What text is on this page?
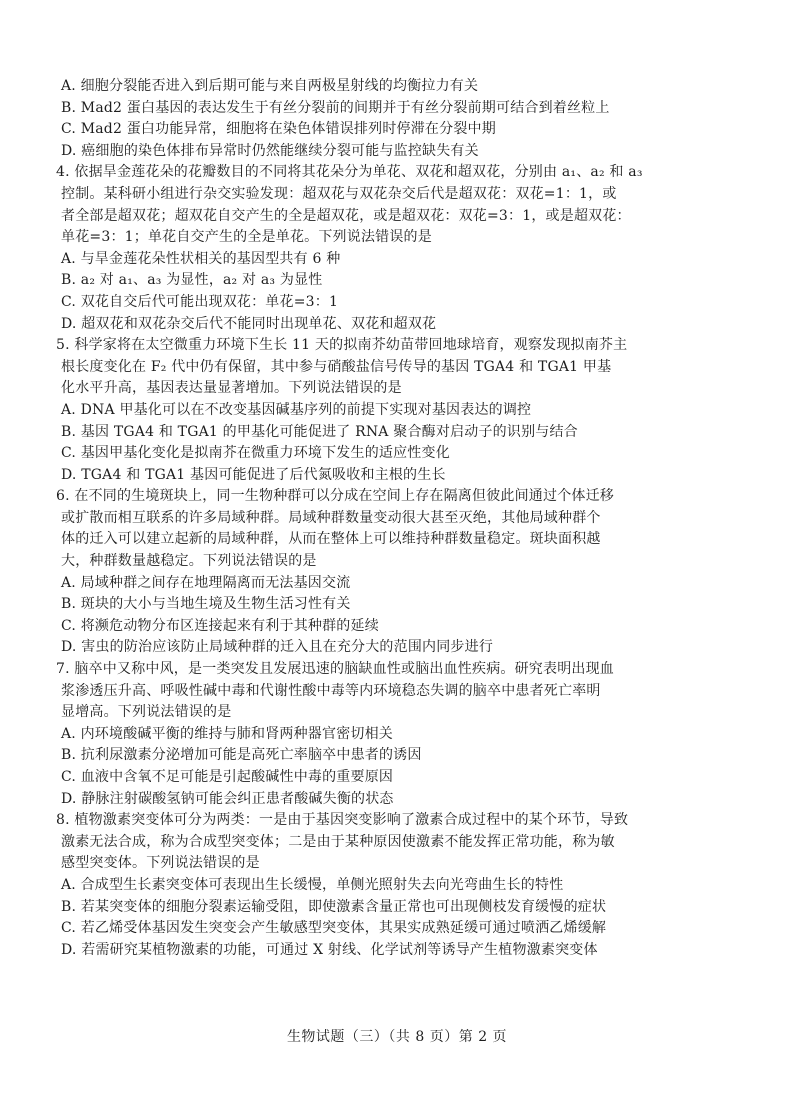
A. 细胞分裂能否进入到后期可能与来自两极星射线的均衡拉力有关
B. Mad2 蛋白基因的表达发生于有丝分裂前的间期并于有丝分裂前期可结合到着丝粒上
C. Mad2 蛋白功能异常，细胞将在染色体错误排列时停滞在分裂中期
D. 癌细胞的染色体排布异常时仍然能继续分裂可能与监控缺失有关
4. 依据旱金莲花朵的花瓣数目的不同将其花朵分为单花、双花和超双花，分别由 a₁、a₂ 和 a₃
控制。某科研小组进行杂交实验发现：超双花与双花杂交后代是超双花：双花=1：1，或
者全部是超双花；超双花自交产生的全是超双花，或是超双花：双花=3：1，或是超双花：
单花=3：1；单花自交产生的全是单花。下列说法错误的是
A. 与旱金莲花朵性状相关的基因型共有 6 种
B. a₂ 对 a₁、a₃ 为显性，a₂ 对 a₃ 为显性
C. 双花自交后代可能出现双花：单花=3：1
D. 超双花和双花杂交后代不能同时出现单花、双花和超双花
5. 科学家将在太空微重力环境下生长 11 天的拟南芥幼苗带回地球培育，观察发现拟南芥主
根长度变化在 F₂ 代中仍有保留，其中参与硝酸盐信号传导的基因 TGA4 和 TGA1 甲基
化水平升高，基因表达量显著增加。下列说法错误的是
A. DNA 甲基化可以在不改变基因碱基序列的前提下实现对基因表达的调控
B. 基因 TGA4 和 TGA1 的甲基化可能促进了 RNA 聚合酶对启动子的识别与结合
C. 基因甲基化变化是拟南芥在微重力环境下发生的适应性变化
D. TGA4 和 TGA1 基因可能促进了后代氮吸收和主根的生长
6. 在不同的生境斑块上，同一生物种群可以分成在空间上存在隔离但彼此间通过个体迁移
或扩散而相互联系的许多局域种群。局域种群数量变动很大甚至灭绝，其他局域种群个
体的迁入可以建立起新的局域种群，从而在整体上可以维持种群数量稳定。斑块面积越
大，种群数量越稳定。下列说法错误的是
A. 局域种群之间存在地理隔离而无法基因交流
B. 斑块的大小与当地生境及生物生活习性有关
C. 将濒危动物分布区连接起来有利于其种群的延续
D. 害虫的防治应该防止局域种群的迁入且在充分大的范围内同步进行
7. 脑卒中又称中风，是一类突发且发展迅速的脑缺血性或脑出血性疾病。研究表明出现血
浆渗透压升高、呼吸性碱中毒和代谢性酸中毒等内环境稳态失调的脑卒中患者死亡率明
显增高。下列说法错误的是
A. 内环境酸碱平衡的维持与肺和肾两种器官密切相关
B. 抗利尿激素分泌增加可能是高死亡率脑卒中患者的诱因
C. 血液中含氧不足可能是引起酸碱性中毒的重要原因
D. 静脉注射碳酸氢钠可能会纠正患者酸碱失衡的状态
8. 植物激素突变体可分为两类：一是由于基因突变影响了激素合成过程中的某个环节，导致
激素无法合成，称为合成型突变体；二是由于某种原因使激素不能发挥正常功能，称为敏
感型突变体。下列说法错误的是
A. 合成型生长素突变体可表现出生长缓慢，单侧光照射失去向光弯曲生长的特性
B. 若某突变体的细胞分裂素运输受阻，即使激素含量正常也可出现侧枝发育缓慢的症状
C. 若乙烯受体基因发生突变会产生敏感型突变体，其果实成熟延缓可通过喷洒乙烯缓解
D. 若需研究某植物激素的功能，可通过 X 射线、化学试剂等诱导产生植物激素突变体
生物试题（三）（共 8 页）第 2 页
